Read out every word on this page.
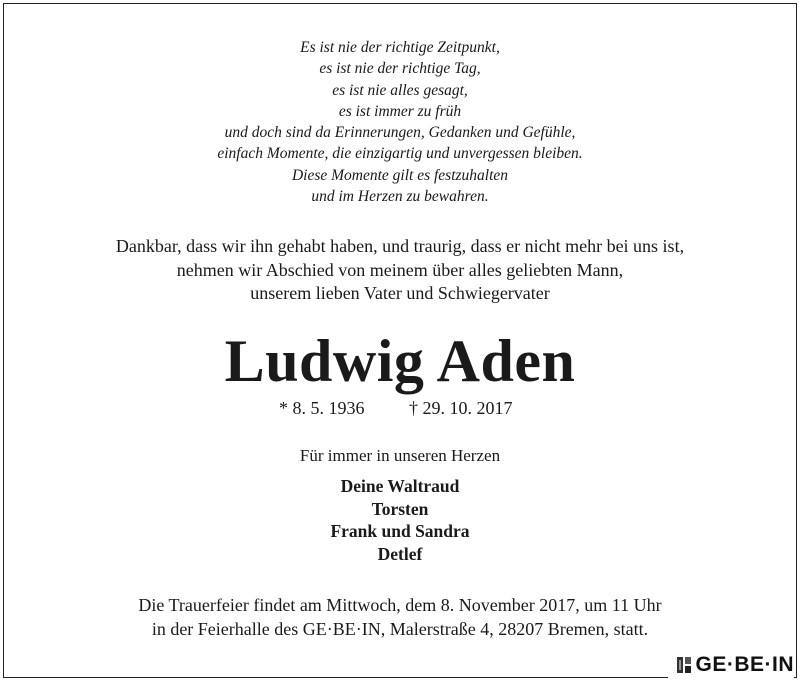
Es ist nie der richtige Zeitpunkt,
es ist nie der richtige Tag,
es ist nie alles gesagt,
es ist immer zu früh
und doch sind da Erinnerungen, Gedanken und Gefühle,
einfach Momente, die einzigartig und unvergessen bleiben.
Diese Momente gilt es festzuhalten
und im Herzen zu bewahren.
Dankbar, dass wir ihn gehabt haben, und traurig, dass er nicht mehr bei uns ist,
nehmen wir Abschied von meinem über alles geliebten Mann,
unserem lieben Vater und Schwiegervater
Ludwig Aden
* 8. 5. 1936 † 29. 10. 2017
Für immer in unseren Herzen
Deine Waltraud
Torsten
Frank und Sandra
Detlef
Die Trauerfeier findet am Mittwoch, dem 8. November 2017, um 11 Uhr
in der Feierhalle des GE·BE·IN, Malerstraße 4, 28207 Bremen, statt.
GE·BE·IN
